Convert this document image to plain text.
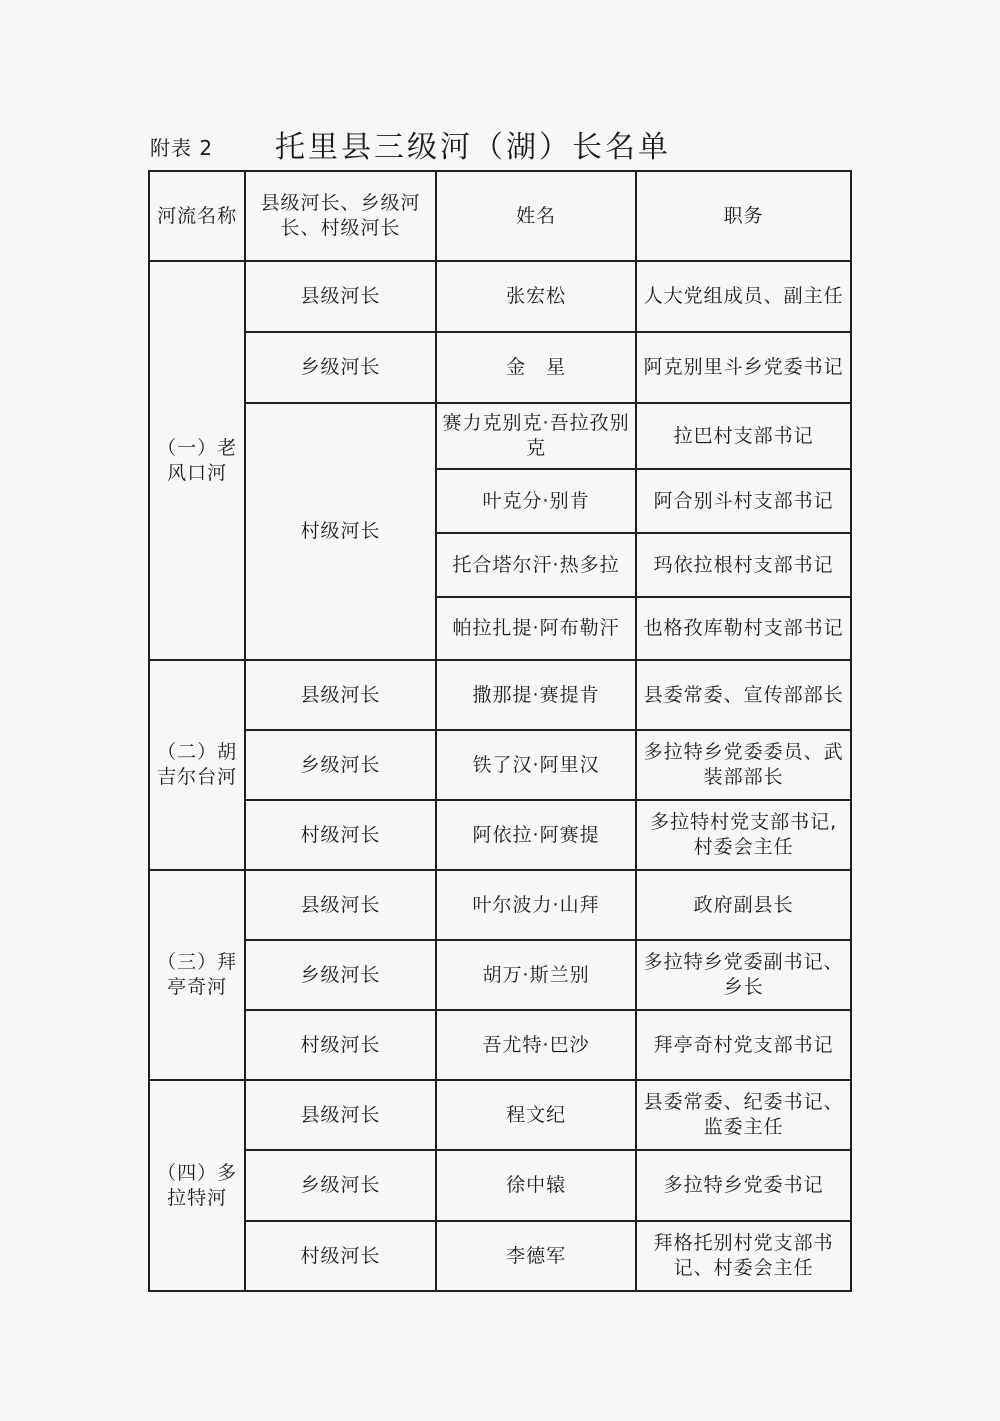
附表 2 托里县三级河（湖）长名单
河流名称	县级河长、乡级河长、村级河长	姓名	职务
（一）老风口河	县级河长	张宏松	人大党组成员、副主任
	乡级河长	金　星	阿克别里斗乡党委书记
	村级河长	赛力克别克·吾拉孜别克	拉巴村支部书记
		叶克分·别肯	阿合别斗村支部书记
		托合塔尔汗·热多拉	玛依拉根村支部书记
		帕拉扎提·阿布勒汗	也格孜库勒村支部书记
（二）胡吉尔台河	县级河长	撒那提·赛提肯	县委常委、宣传部部长
	乡级河长	铁了汉·阿里汉	多拉特乡党委委员、武装部部长
	村级河长	阿依拉·阿赛提	多拉特村党支部书记,村委会主任
（三）拜亭奇河	县级河长	叶尔波力·山拜	政府副县长
	乡级河长	胡万·斯兰别	多拉特乡党委副书记、乡长
	村级河长	吾尤特·巴沙	拜亭奇村党支部书记
（四）多拉特河	县级河长	程文纪	县委常委、纪委书记、监委主任
	乡级河长	徐中辕	多拉特乡党委书记
	村级河长	李德军	拜格托别村党支部书记、村委会主任
